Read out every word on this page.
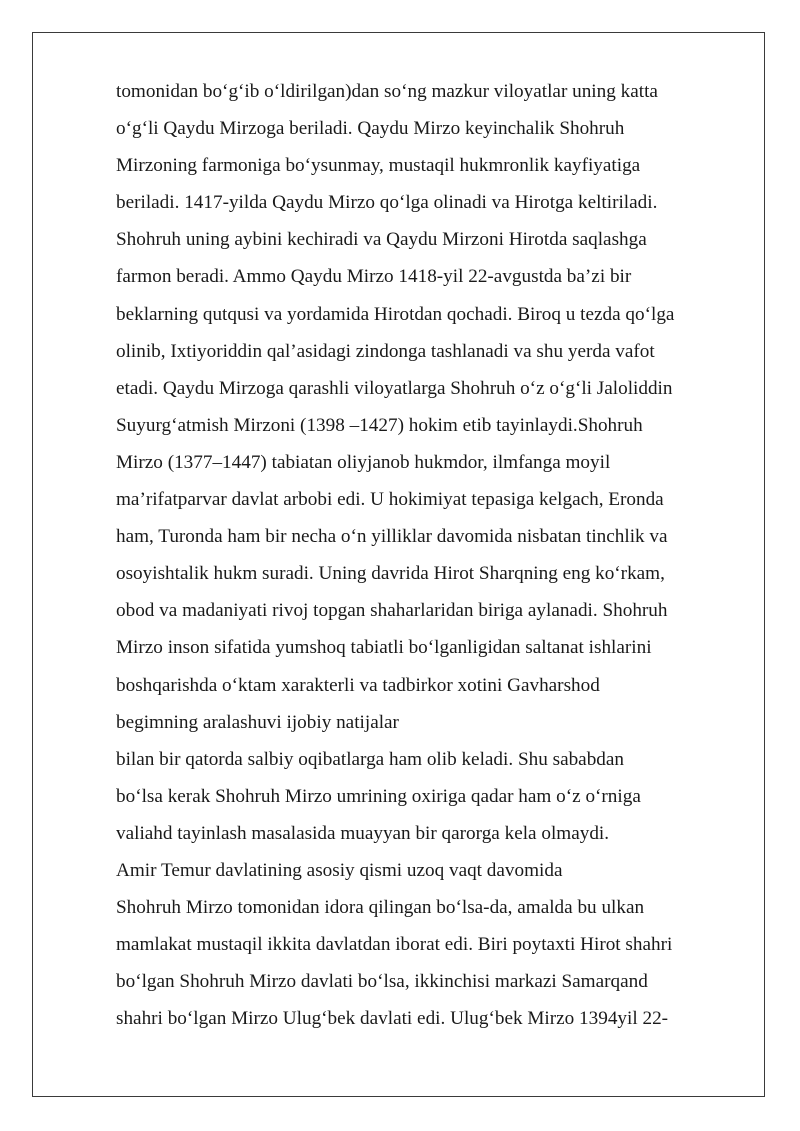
tomonidan bo‘g‘ib o‘ldirilgan)dan so‘ng mazkur viloyatlar uning katta
o‘g‘li Qaydu Mirzoga beriladi. Qaydu Mirzo keyinchalik Shohruh
Mirzoning farmoniga bo‘ysunmay, mustaqil hukmronlik kayfiyatiga
beriladi. 1417-yilda Qaydu Mirzo qo‘lga olinadi va Hirotga keltiriladi.
Shohruh uning aybini kechiradi va Qaydu Mirzoni Hirotda saqlashga
farmon beradi. Ammo Qaydu Mirzo 1418-yil 22-avgustda ba’zi bir
beklarning qutqusi va yordamida Hirotdan qochadi. Biroq u tezda qo‘lga
olinib, Ixtiyoriddin qal’asidagi zindonga tashlanadi va shu yerda vafot
etadi. Qaydu Mirzoga qarashli viloyatlarga Shohruh o‘z o‘g‘li Jaloliddin
Suyurg‘atmish Mirzoni (1398 –1427) hokim etib tayinlaydi.Shohruh
Mirzo (1377–1447) tabiatan oliyjanob hukmdor, ilmfanga moyil
ma’rifatparvar davlat arbobi edi. U hokimiyat tepasiga kelgach, Eronda
ham, Turonda ham bir necha o‘n yilliklar davomida nisbatan tinchlik va
osoyishtalik hukm suradi. Uning davrida Hirot Sharqning eng ko‘rkam,
obod va madaniyati rivoj topgan shaharlaridan biriga aylanadi. Shohruh
Mirzo inson sifatida yumshoq tabiatli bo‘lganligidan saltanat ishlarini
boshqarishda o‘ktam xarakterli va tadbirkor xotini Gavharshod
begimning aralashuvi ijobiy natijalar
bilan bir qatorda salbiy oqibatlarga ham olib keladi. Shu sababdan
bo‘lsa kerak Shohruh Mirzo umrining oxiriga qadar ham o‘z o‘rniga
valiahd tayinlash masalasida muayyan bir qarorga kela olmaydi.
Amir Temur davlatining asosiy qismi uzoq vaqt davomida
Shohruh Mirzo tomonidan idora qilingan bo‘lsa-da, amalda bu ulkan
mamlakat mustaqil ikkita davlatdan iborat edi. Biri poytaxti Hirot shahri
bo‘lgan Shohruh Mirzo davlati bo‘lsa, ikkinchisi markazi Samarqand
shahri bo‘lgan Mirzo Ulug‘bek davlati edi. Ulug‘bek Mirzo 1394yil 22-
